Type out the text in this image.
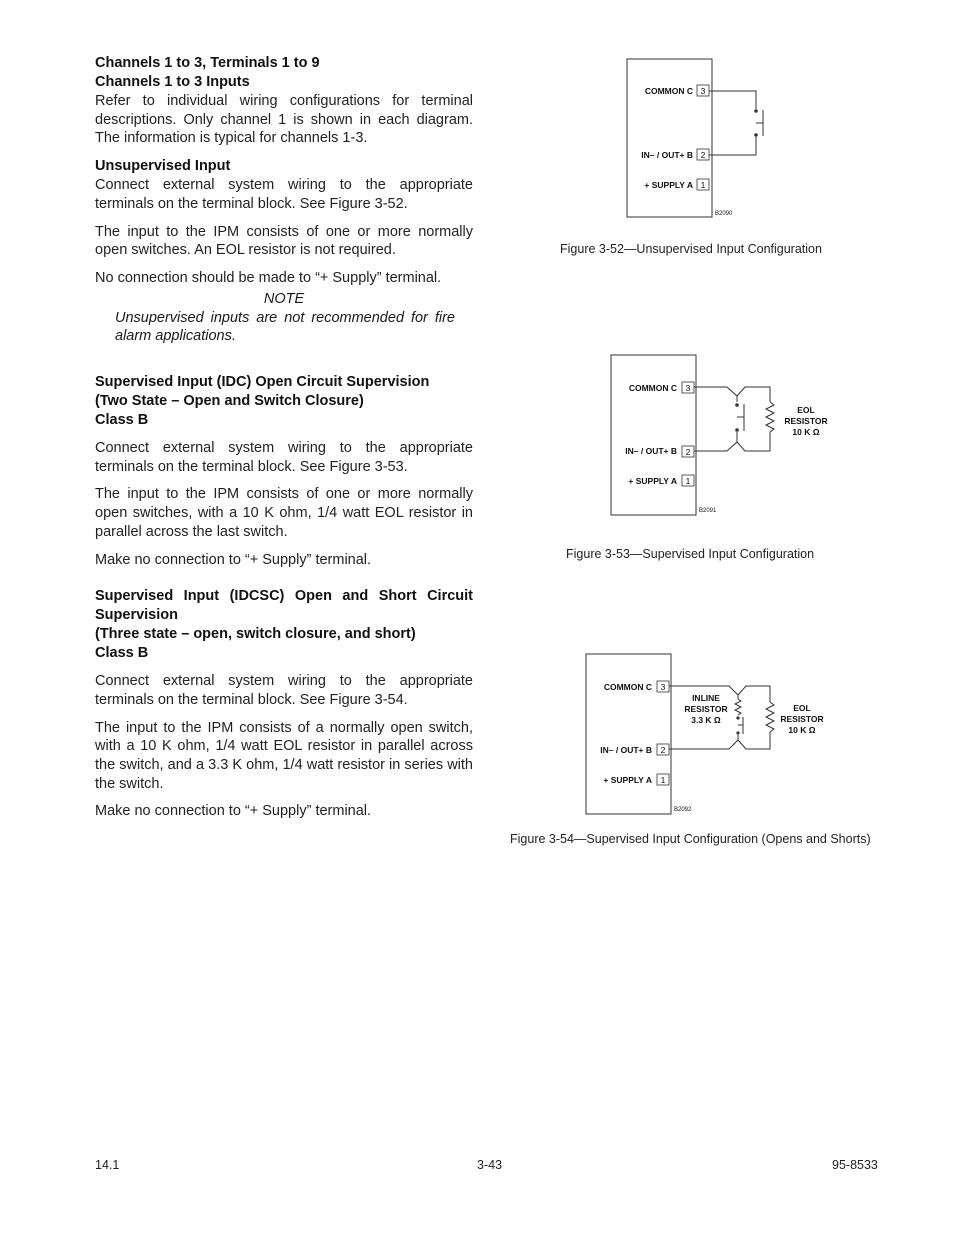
Channels 1 to 3, Terminals 1 to 9
Channels 1 to 3 Inputs

Refer to individual wiring configurations for terminal descriptions. Only channel 1 is shown in each diagram. The information is typical for channels 1-3.

Unsupervised Input

Connect external system wiring to the appropriate terminals on the terminal block. See Figure 3-52.

The input to the IPM consists of one or more normally open switches. An EOL resistor is not required.

No connection should be made to “+ Supply” terminal.

NOTE
Unsupervised inputs are not recommended for fire alarm applications.
Supervised Input (IDC) Open Circuit Supervision
(Two State – Open and Switch Closure)
Class B

Connect external system wiring to the appropriate terminals on the terminal block. See Figure 3-53.

The input to the IPM consists of one or more normally open switches, with a 10 K ohm, 1/4 watt EOL resistor in parallel across the last switch.

Make no connection to “+ Supply” terminal.

Supervised Input (IDCSC) Open and Short Circuit Supervision
(Three state – open, switch closure, and short)
Class B

Connect external system wiring to the appropriate terminals on the terminal block. See Figure 3-54.

The input to the IPM consists of a normally open switch, with a 10 K ohm, 1/4 watt EOL resistor in parallel across the switch, and a 3.3 K ohm, 1/4 watt resistor in series with the switch.

Make no connection to “+ Supply” terminal.

COMMON C 3
IN– / OUT+ B 2
+ SUPPLY A 1
B2090
Figure 3-52—Unsupervised Input Configuration
COMMON C 3
IN– / OUT+ B 2
+ SUPPLY A 1
EOL
RESISTOR
10 K Ω
B2091
Figure 3-53—Supervised Input Configuration
COMMON C 3
IN– / OUT+ B 2
+ SUPPLY A 1
INLINE
RESISTOR
3.3 K Ω
EOL
RESISTOR
10 K Ω
B2092
Figure 3-54—Supervised Input Configuration (Opens and Shorts)
14.1	3-43	95-8533
